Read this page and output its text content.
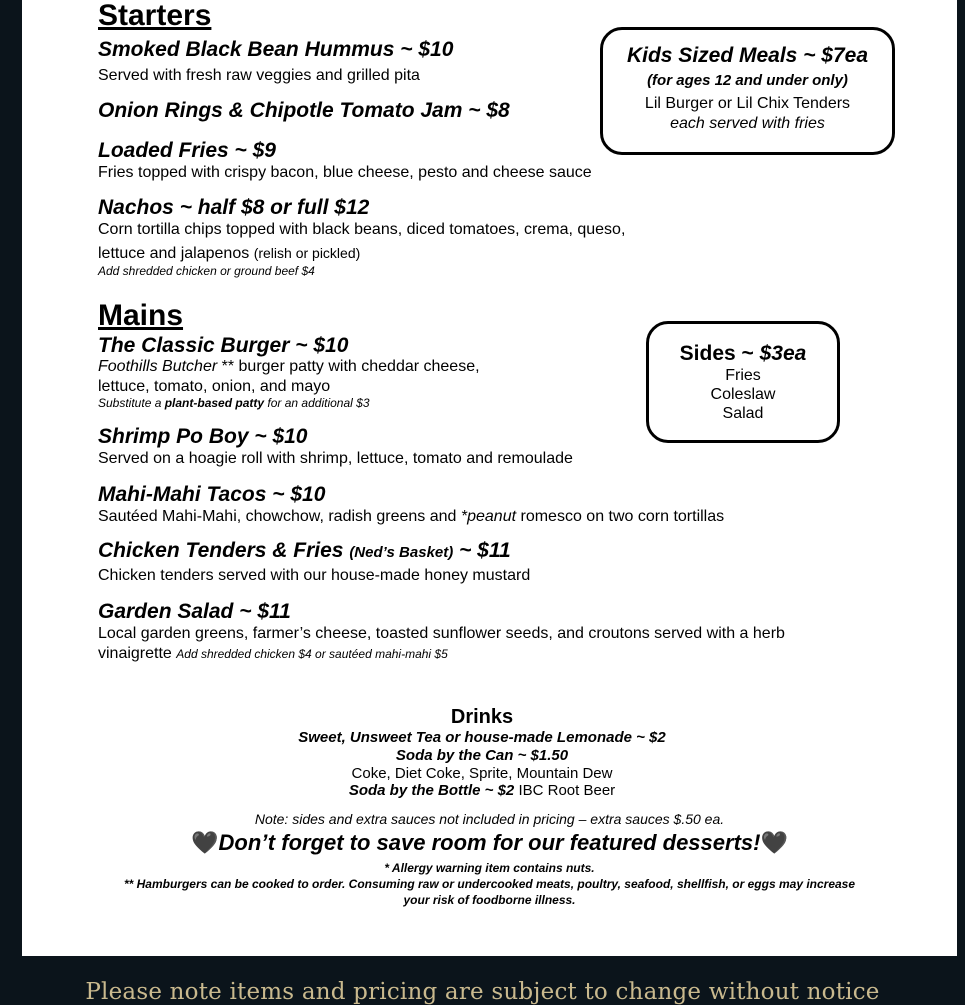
Starters
Smoked Black Bean Hummus ~ $10
Served with fresh raw veggies and grilled pita
Onion Rings & Chipotle Tomato Jam ~ $8
Loaded Fries ~ $9
Fries topped with crispy bacon, blue cheese, pesto and cheese sauce
Nachos ~ half $8 or full $12
Corn tortilla chips topped with black beans, diced tomatoes, crema, queso,
lettuce and jalapenos (relish or pickled)
Add shredded chicken or ground beef $4
Kids Sized Meals ~ $7ea
(for ages 12 and under only)
Lil Burger or Lil Chix Tenders
each served with fries
Mains
The Classic Burger ~ $10
Foothills Butcher ** burger patty with cheddar cheese,
lettuce, tomato, onion, and mayo
Substitute a plant-based patty for an additional $3
Shrimp Po Boy ~ $10
Served on a hoagie roll with shrimp, lettuce, tomato and remoulade
Mahi-Mahi Tacos ~ $10
Sautéed Mahi-Mahi, chowchow, radish greens and *peanut romesco on two corn tortillas
Chicken Tenders & Fries (Ned’s Basket) ~ $11
Chicken tenders served with our house-made honey mustard
Garden Salad ~ $11
Local garden greens, farmer’s cheese, toasted sunflower seeds, and croutons served with a herb
vinaigrette Add shredded chicken $4 or sautéed mahi-mahi $5
Sides ~ $3ea
Fries
Coleslaw
Salad
Drinks
Sweet, Unsweet Tea or house-made Lemonade ~ $2
Soda by the Can ~ $1.50
Coke, Diet Coke, Sprite, Mountain Dew
Soda by the Bottle ~ $2 IBC Root Beer
Note: sides and extra sauces not included in pricing – extra sauces $.50 ea.
🖤Don’t forget to save room for our featured desserts!🖤
* Allergy warning item contains nuts.
** Hamburgers can be cooked to order. Consuming raw or undercooked meats, poultry, seafood, shellfish, or eggs may increase
your risk of foodborne illness.
Please note items and pricing are subject to change without notice
